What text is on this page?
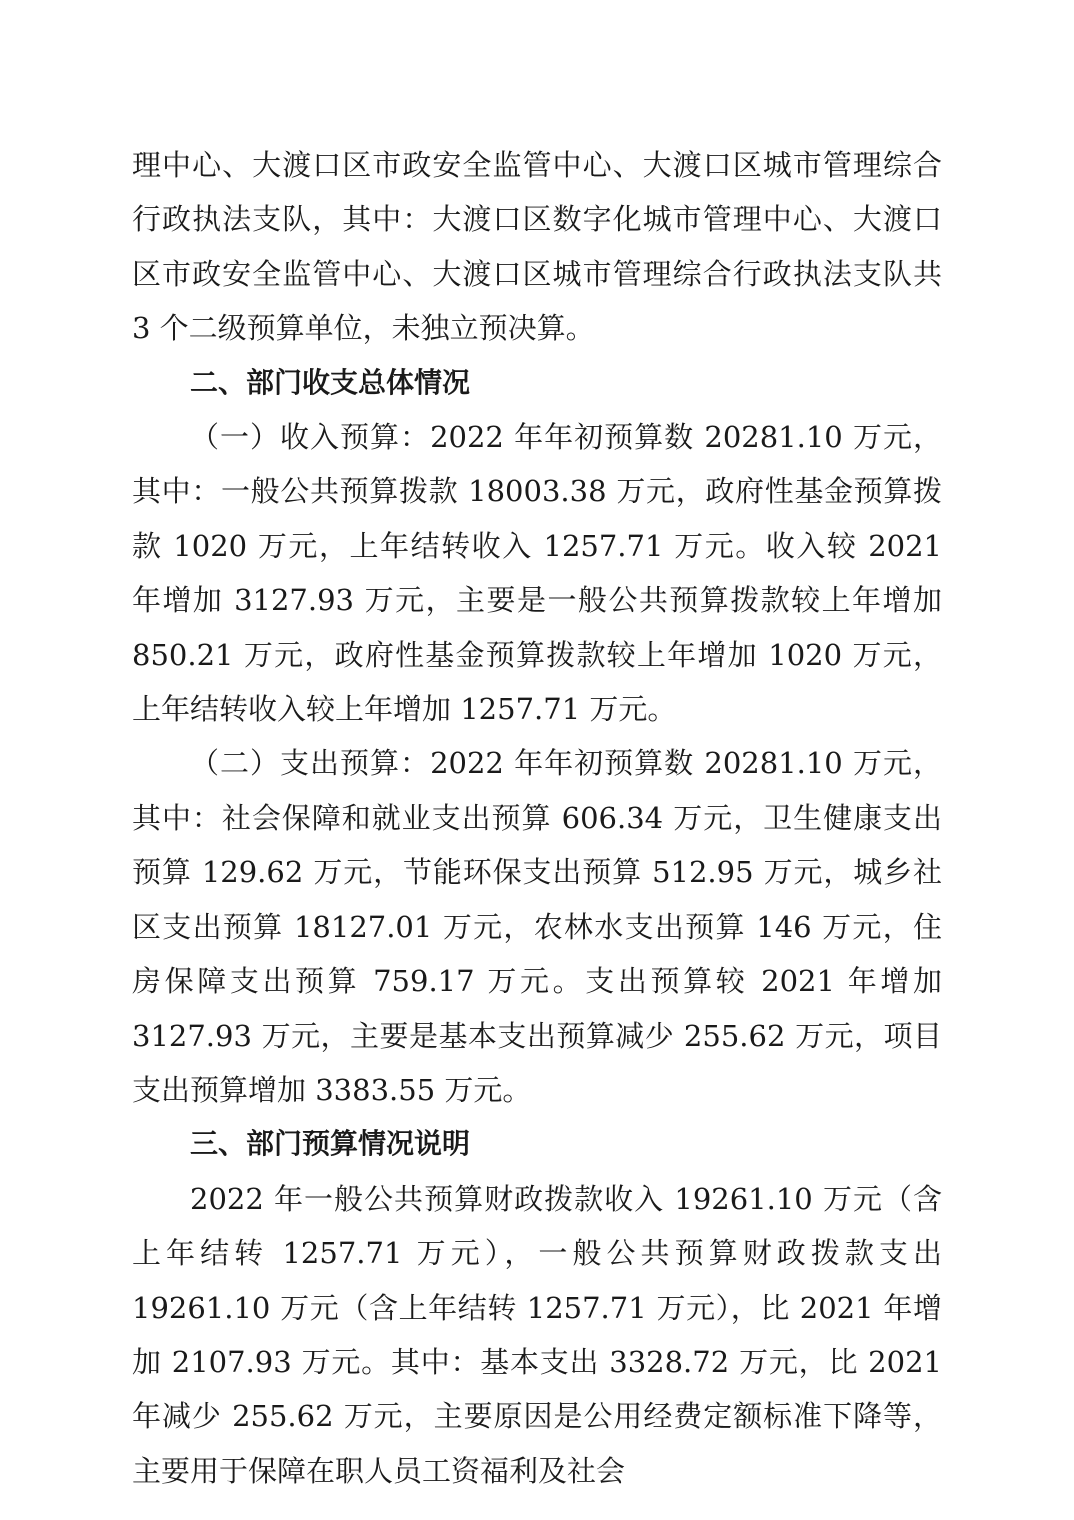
理中心、大渡口区市政安全监管中心、大渡口区城市管理综合行政执法支队，其中：大渡口区数字化城市管理中心、大渡口区市政安全监管中心、大渡口区城市管理综合行政执法支队共 3 个二级预算单位，未独立预决算。

二、部门收支总体情况

（一）收入预算：2022 年年初预算数 20281.10 万元，其中：一般公共预算拨款 18003.38 万元，政府性基金预算拨款 1020 万元，上年结转收入 1257.71 万元。收入较 2021 年增加 3127.93 万元，主要是一般公共预算拨款较上年增加 850.21 万元，政府性基金预算拨款较上年增加 1020 万元，上年结转收入较上年增加 1257.71 万元。

（二）支出预算：2022 年年初预算数 20281.10 万元，其中：社会保障和就业支出预算 606.34 万元，卫生健康支出预算 129.62 万元，节能环保支出预算 512.95 万元，城乡社区支出预算 18127.01 万元，农林水支出预算 146 万元，住房保障支出预算 759.17 万元。支出预算较 2021 年增加 3127.93 万元，主要是基本支出预算减少 255.62 万元，项目支出预算增加 3383.55 万元。

三、部门预算情况说明

2022 年一般公共预算财政拨款收入 19261.10 万元（含上年结转 1257.71 万元），一般公共预算财政拨款支出 19261.10 万元（含上年结转 1257.71 万元），比 2021 年增加 2107.93 万元。其中：基本支出 3328.72 万元，比 2021 年减少 255.62 万元，主要原因是公用经费定额标准下降等，主要用于保障在职人员工资福利及社会
